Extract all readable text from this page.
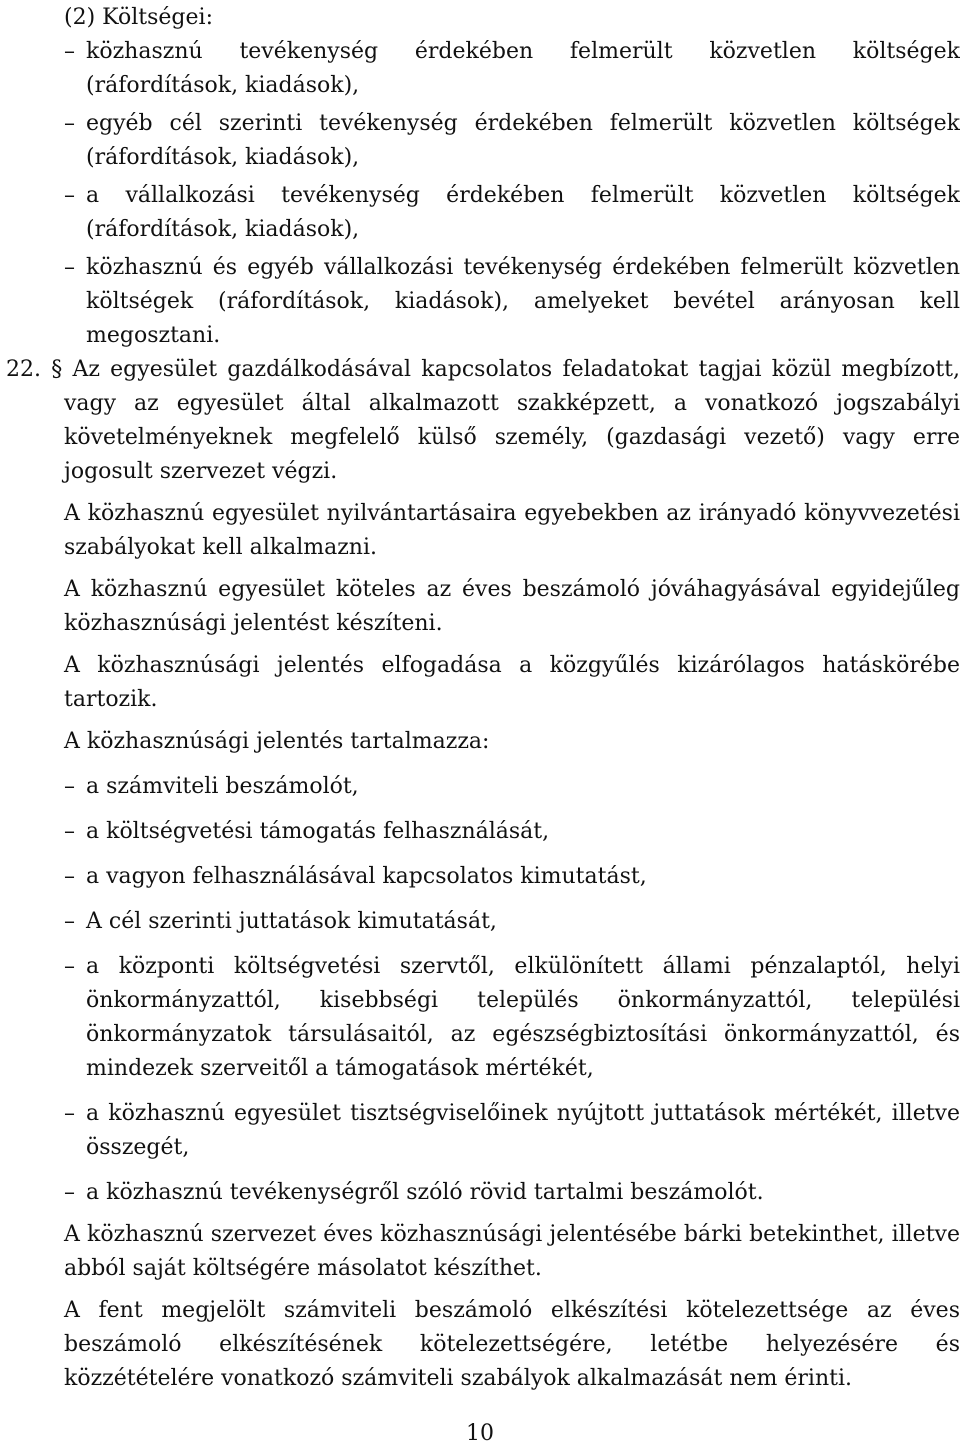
(2) Költségei:

– közhasznú tevékenység érdekében felmerült közvetlen költségek (ráfordítások, kiadások),

– egyéb cél szerinti tevékenység érdekében felmerült közvetlen költségek (ráfordítások, kiadások),

– a vállalkozási tevékenység érdekében felmerült közvetlen költségek (ráfordítások, kiadások),

– közhasznú és egyéb vállalkozási tevékenység érdekében felmerült közvetlen költségek (ráfordítások, kiadások), amelyeket bevétel arányosan kell megosztani.

22. § Az egyesület gazdálkodásával kapcsolatos feladatokat tagjai közül megbízott, vagy az egyesület által alkalmazott szakképzett, a vonatkozó jogszabályi követelményeknek megfelelő külső személy, (gazdasági vezető) vagy erre jogosult szervezet végzi.

A közhasznú egyesület nyilvántartásaira egyebekben az irányadó könyvvezetési szabályokat kell alkalmazni.

A közhasznú egyesület köteles az éves beszámoló jóváhagyásával egyidejűleg közhasznúsági jelentést készíteni.

A közhasznúsági jelentés elfogadása a közgyűlés kizárólagos hatáskörébe tartozik.

A közhasznúsági jelentés tartalmazza:

– a számviteli beszámolót,

– a költségvetési támogatás felhasználását,

– a vagyon felhasználásával kapcsolatos kimutatást,

– A cél szerinti juttatások kimutatását,

– a központi költségvetési szervtől, elkülönített állami pénzalaptól, helyi önkormányzattól, kisebbségi település önkormányzattól, települési önkormányzatok társulásaitól, az egészségbiztosítási önkormányzattól, és mindezek szerveitől a támogatások mértékét,

– a közhasznú egyesület tisztségviselőinek nyújtott juttatások mértékét, illetve összegét,

– a közhasznú tevékenységről szóló rövid tartalmi beszámolót.

A közhasznú szervezet éves közhasznúsági jelentésébe bárki betekinthet, illetve abból saját költségére másolatot készíthet.

A fent megjelölt számviteli beszámoló elkészítési kötelezettsége az éves beszámoló elkészítésének kötelezettségére, letétbe helyezésére és közzétételére vonatkozó számviteli szabályok alkalmazását nem érinti.

10
